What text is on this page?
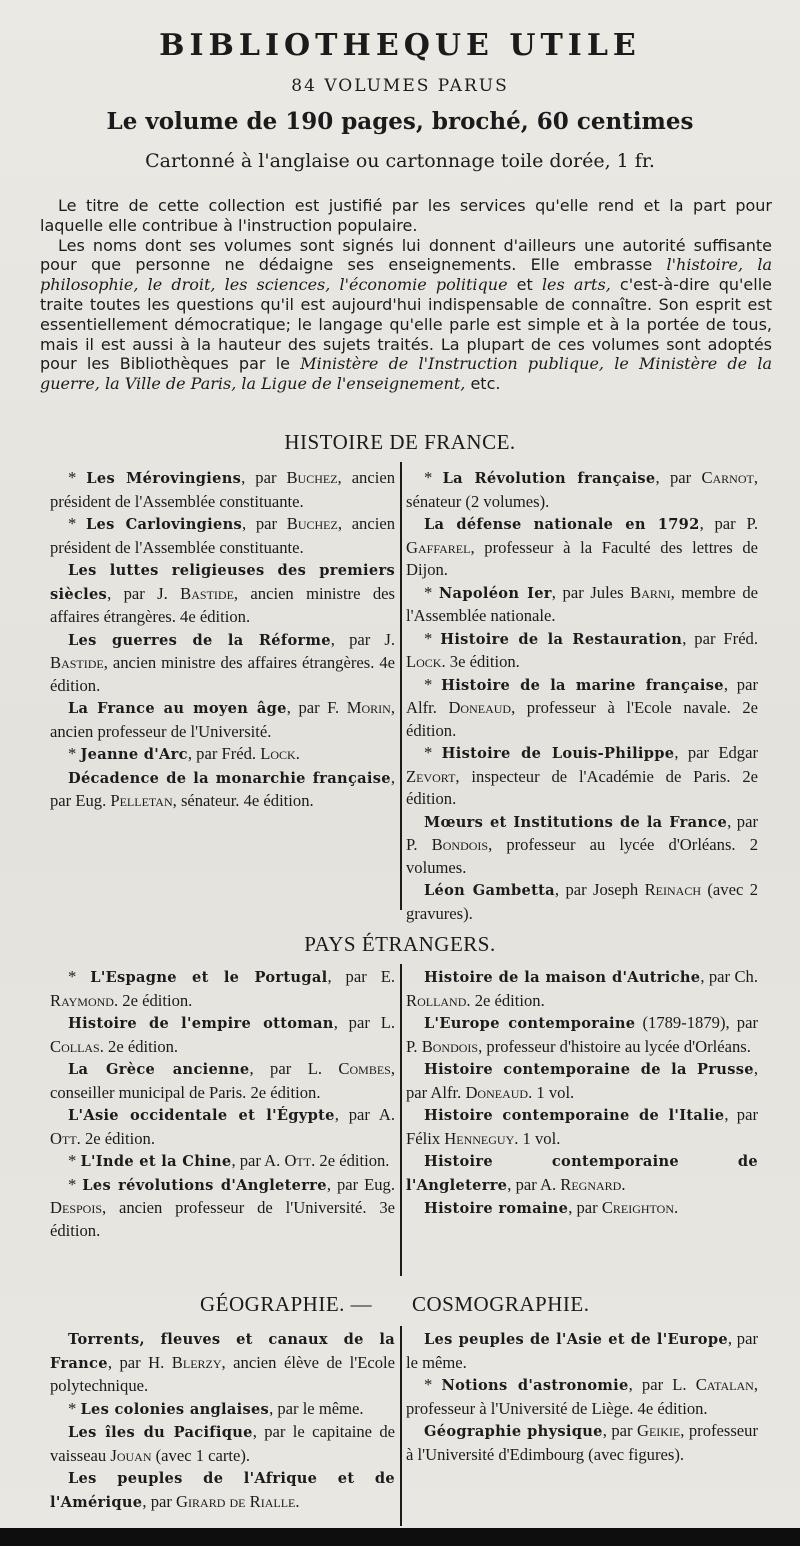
BIBLIOTHEQUE UTILE
84 VOLUMES PARUS
Le volume de 190 pages, broché, 60 centimes
Cartonné à l'anglaise ou cartonnage toile dorée, 1 fr.

Le titre de cette collection est justifié par les services qu'elle rend et la part pour laquelle elle contribue à l'instruction populaire.

Les noms dont ses volumes sont signés lui donnent d'ailleurs une autorité suffisante pour que personne ne dédaigne ses enseignements. Elle embrasse l'histoire, la philosophie, le droit, les sciences, l'économie politique et les arts, c'est-à-dire qu'elle traite toutes les questions qu'il est aujourd'hui indispensable de connaître. Son esprit est essentiellement démocratique; le langage qu'elle parle est simple et à la portée de tous, mais il est aussi à la hauteur des sujets traités. La plupart de ces volumes sont adoptés pour les Bibliothèques par le Ministère de l'Instruction publique, le Ministère de la guerre, la Ville de Paris, la Ligue de l'enseignement, etc.

HISTOIRE DE FRANCE.

* Les Mérovingiens, par Buchez, ancien président de l'Assemblée constituante.

* Les Carlovingiens, par Buchez, ancien président de l'Assemblée constituante.

Les luttes religieuses des premiers siècles, par J. Bastide, ancien ministre des affaires étrangères. 4e édition.

Les guerres de la Réforme, par J. Bastide, ancien ministre des affaires étrangères. 4e édition.

La France au moyen âge, par F. Morin, ancien professeur de l'Université.

* Jeanne d'Arc, par Fréd. Lock.

Décadence de la monarchie française, par Eug. Pelletan, sénateur. 4e édition.

* La Révolution française, par Carnot, sénateur (2 volumes).

La défense nationale en 1792, par P. Gaffarel, professeur à la Faculté des lettres de Dijon.

* Napoléon Ier, par Jules Barni, membre de l'Assemblée nationale.

* Histoire de la Restauration, par Fréd. Lock. 3e édition.

* Histoire de la marine française, par Alfr. Doneaud, professeur à l'Ecole navale. 2e édition.

* Histoire de Louis-Philippe, par Edgar Zevort, inspecteur de l'Académie de Paris. 2e édition.

Mœurs et Institutions de la France, par P. Bondois, professeur au lycée d'Orléans. 2 volumes.

Léon Gambetta, par Joseph Reinach (avec 2 gravures).

PAYS ÉTRANGERS.

* L'Espagne et le Portugal, par E. Raymond. 2e édition.

Histoire de l'empire ottoman, par L. Collas. 2e édition.

La Grèce ancienne, par L. Combes, conseiller municipal de Paris. 2e édition.

L'Asie occidentale et l'Égypte, par A. Ott. 2e édition.

* L'Inde et la Chine, par A. Ott. 2e édition.

* Les révolutions d'Angleterre, par Eug. Despois, ancien professeur de l'Université. 3e édition.

Histoire de la maison d'Autriche, par Ch. Rolland. 2e édition.

L'Europe contemporaine (1789-1879), par P. Bondois, professeur d'histoire au lycée d'Orléans.

Histoire contemporaine de la Prusse, par Alfr. Doneaud. 1 vol.

Histoire contemporaine de l'Italie, par Félix Henneguy. 1 vol.

Histoire contemporaine de l'Angleterre, par A. Regnard.

Histoire romaine, par Creighton.

GÉOGRAPHIE. —	COSMOGRAPHIE.

Torrents, fleuves et canaux de la France, par H. Blerzy, ancien élève de l'Ecole polytechnique.

* Les colonies anglaises, par le même.

Les îles du Pacifique, par le capitaine de vaisseau Jouan (avec 1 carte).

Les peuples de l'Afrique et de l'Amérique, par Girard de Rialle.

Les peuples de l'Asie et de l'Europe, par le même.

* Notions d'astronomie, par L. Catalan, professeur à l'Université de Liège. 4e édition.

Géographie physique, par Geikie, professeur à l'Université d'Edimbourg (avec figures).
